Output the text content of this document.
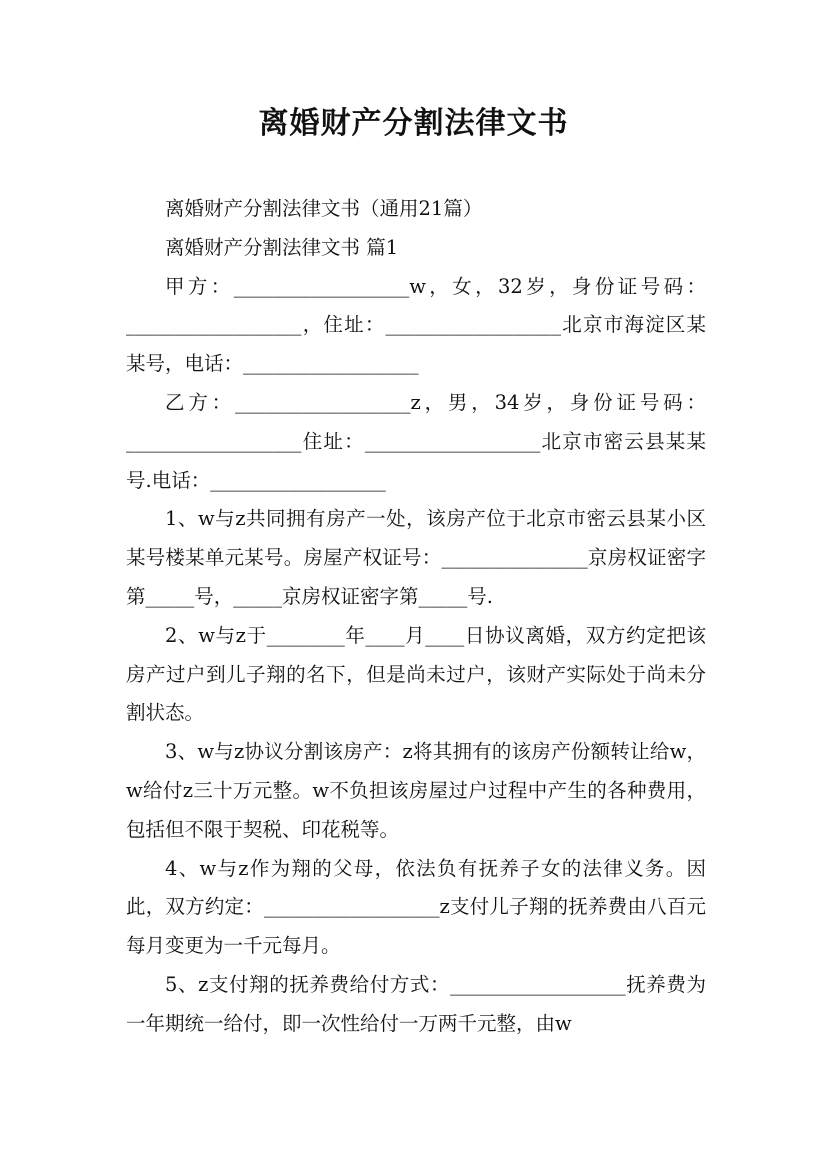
离婚财产分割法律文书

离婚财产分割法律文书（通用21篇）

离婚财产分割法律文书 篇1

甲方：__________________w，女，32岁，身份证号码：__________________，住址：__________________北京市海淀区某某号，电话：__________________

乙方：__________________z，男，34岁，身份证号码：__________________住址：__________________北京市密云县某某号.电话：__________________

1、w与z共同拥有房产一处，该房产位于北京市密云县某小区某号楼某单元某号。房屋产权证号：_______________京房权证密字第_____号，_____京房权证密字第_____号.

2、w与z于________年____月____日协议离婚，双方约定把该房产过户到儿子翔的名下，但是尚未过户，该财产实际处于尚未分割状态。

3、w与z协议分割该房产：z将其拥有的该房产份额转让给w，w给付z三十万元整。w不负担该房屋过户过程中产生的各种费用，包括但不限于契税、印花税等。

4、w与z作为翔的父母，依法负有抚养子女的法律义务。因此，双方约定：__________________z支付儿子翔的抚养费由八百元每月变更为一千元每月。

5、z支付翔的抚养费给付方式：__________________抚养费为一年期统一给付，即一次性给付一万两千元整，由w
